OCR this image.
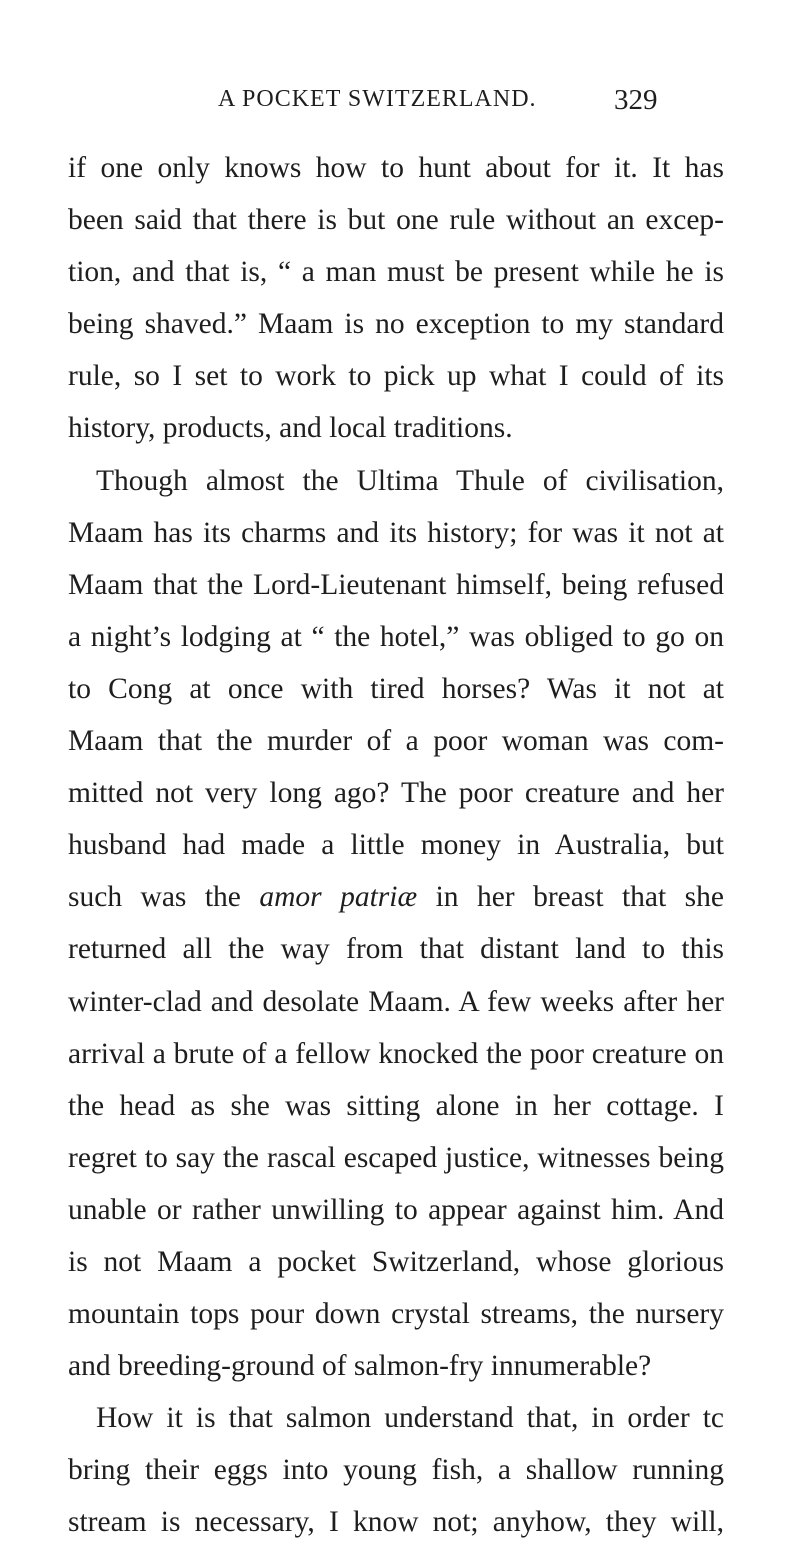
A POCKET SWITZERLAND.	329
if one only knows how to hunt about for it. It has
been said that there is but one rule without an excep-
tion, and that is, “ a man must be present while he is
being shaved.” Maam is no exception to my standard
rule, so I set to work to pick up what I could of its
history, products, and local traditions.
Though almost the Ultima Thule of civilisation,
Maam has its charms and its history; for was it not at
Maam that the Lord-Lieutenant himself, being refused
a night’s lodging at “ the hotel,” was obliged to go on
to Cong at once with tired horses? Was it not at
Maam that the murder of a poor woman was com-
mitted not very long ago? The poor creature and her
husband had made a little money in Australia, but
such was the amor patriæ in her breast that she
returned all the way from that distant land to this
winter-clad and desolate Maam. A few weeks after her
arrival a brute of a fellow knocked the poor creature on
the head as she was sitting alone in her cottage. I
regret to say the rascal escaped justice, witnesses being
unable or rather unwilling to appear against him. And
is not Maam a pocket Switzerland, whose glorious
mountain tops pour down crystal streams, the nursery
and breeding-ground of salmon-fry innumerable?
How it is that salmon understand that, in order tc
bring their eggs into young fish, a shallow running
stream is necessary, I know not; anyhow, they will,
